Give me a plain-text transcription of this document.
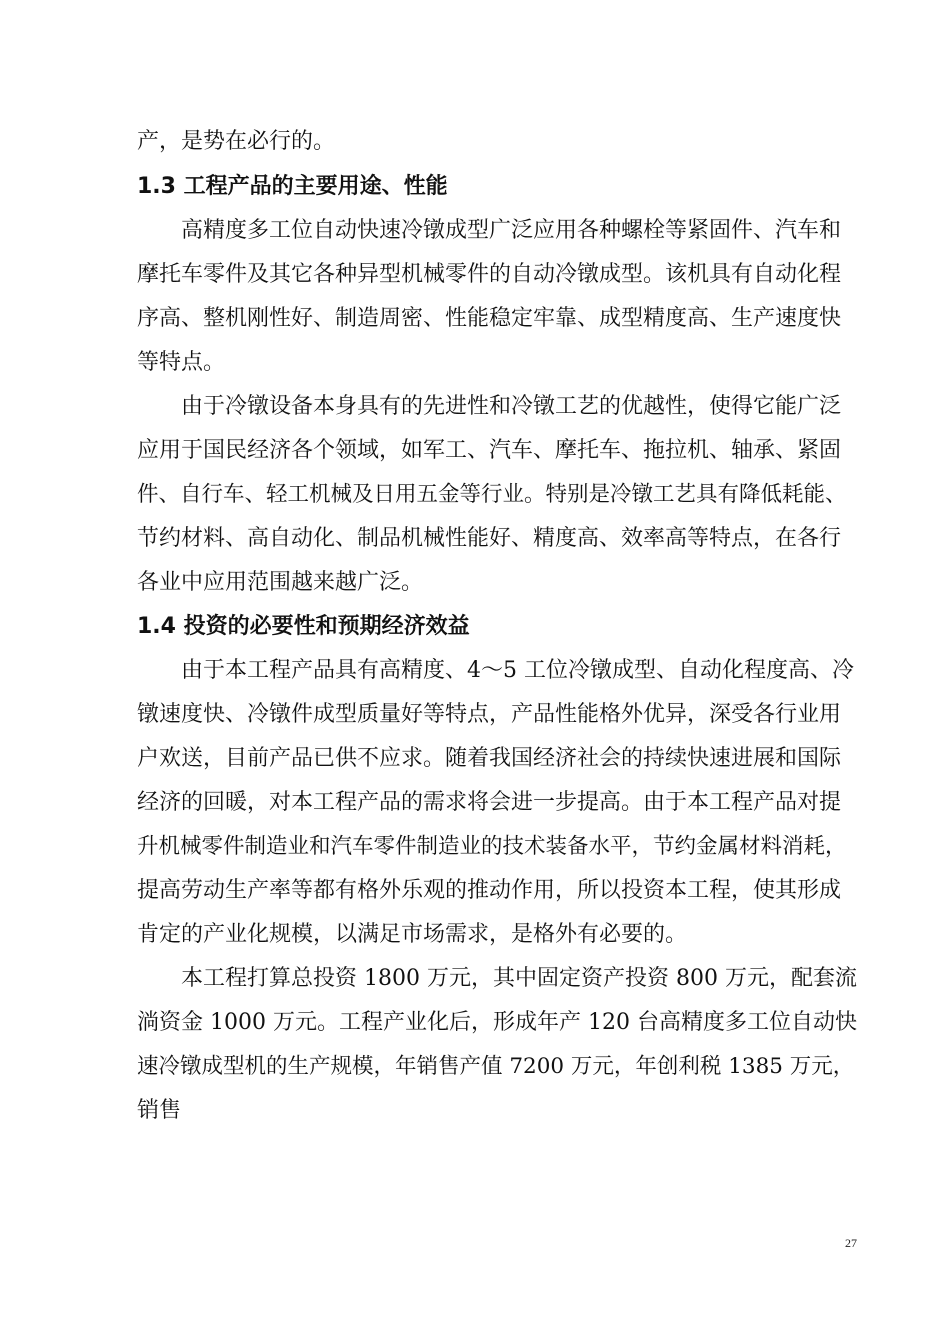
产，是势在必行的。
1.3 工程产品的主要用途、性能
高精度多工位自动快速冷镦成型广泛应用各种螺栓等紧固件、汽车和
摩托车零件及其它各种异型机械零件的自动冷镦成型。该机具有自动化程
序高、整机刚性好、制造周密、性能稳定牢靠、成型精度高、生产速度快
等特点。
由于冷镦设备本身具有的先进性和冷镦工艺的优越性，使得它能广泛
应用于国民经济各个领域，如军工、汽车、摩托车、拖拉机、轴承、紧固
件、自行车、轻工机械及日用五金等行业。特别是冷镦工艺具有降低耗能、
节约材料、高自动化、制品机械性能好、精度高、效率高等特点，在各行
各业中应用范围越来越广泛。
1.4 投资的必要性和预期经济效益
由于本工程产品具有高精度、4～5 工位冷镦成型、自动化程度高、冷
镦速度快、冷镦件成型质量好等特点，产品性能格外优异，深受各行业用
户欢送，目前产品已供不应求。随着我国经济社会的持续快速进展和国际
经济的回暖，对本工程产品的需求将会进一步提高。由于本工程产品对提
升机械零件制造业和汽车零件制造业的技术装备水平，节约金属材料消耗，
提高劳动生产率等都有格外乐观的推动作用，所以投资本工程，使其形成
肯定的产业化规模，以满足市场需求，是格外有必要的。
本工程打算总投资 1800 万元，其中固定资产投资 800 万元，配套流
淌资金 1000 万元。工程产业化后，形成年产 120 台高精度多工位自动快
速冷镦成型机的生产规模，年销售产值 7200 万元，年创利税 1385 万元，
销售
27
